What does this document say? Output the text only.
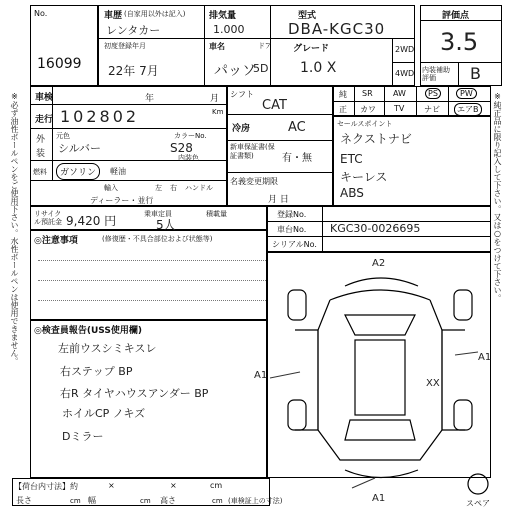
※必ず油性ボールペンをご使用下さい。水性ボールペンは使用できません。	※純正品に限り記入して下さい。又は○をつけて下さい。
No.
16099
車歴 (自家用以外は記入)
レンタカー
排気量
1.000
型式
DBA-KGC30
初度登録年月
22年 7月
車名
パッソ
ドア
5D
グレード
1.0 X
2WD
4WD
評価点
3.5
内装補助評価	B
車検	年	月
走行 102802	Km
外 元色
装 シルバー
カラーNo.
S28
内装色
燃料	ガソリン	軽油
輸入	左 右 ハンドル
ディーラー・並行
リサイクル預託金 9,420 円	乗車定員
5人
積載量
シフト
CAT
冷房	AC
新車保証書(保証書類)	有・無
名義変更期限
月 日
純 SR	AW	PS	PW
正 カワ TV ナビ	エアB
セールスポイント
ネクストナビ
ETC
キーレス
ABS
登録No.
車台No. KGC30-0026695
シリアルNo.
◎注意事項	(修復歴・不具合部位および状態等)
◎検査員報告(USS使用欄)
左前ウスシミキスレ
右ステップ BP
右R タイヤハウスアンダー BP
ホイルCP ノキズ
Dミラー
A2
A1
A1
XX
A1	スペア
【荷台内寸法】約	×	×	cm
長さ	cm 幅	cm 高さ	cm (車検証上の寸法)
